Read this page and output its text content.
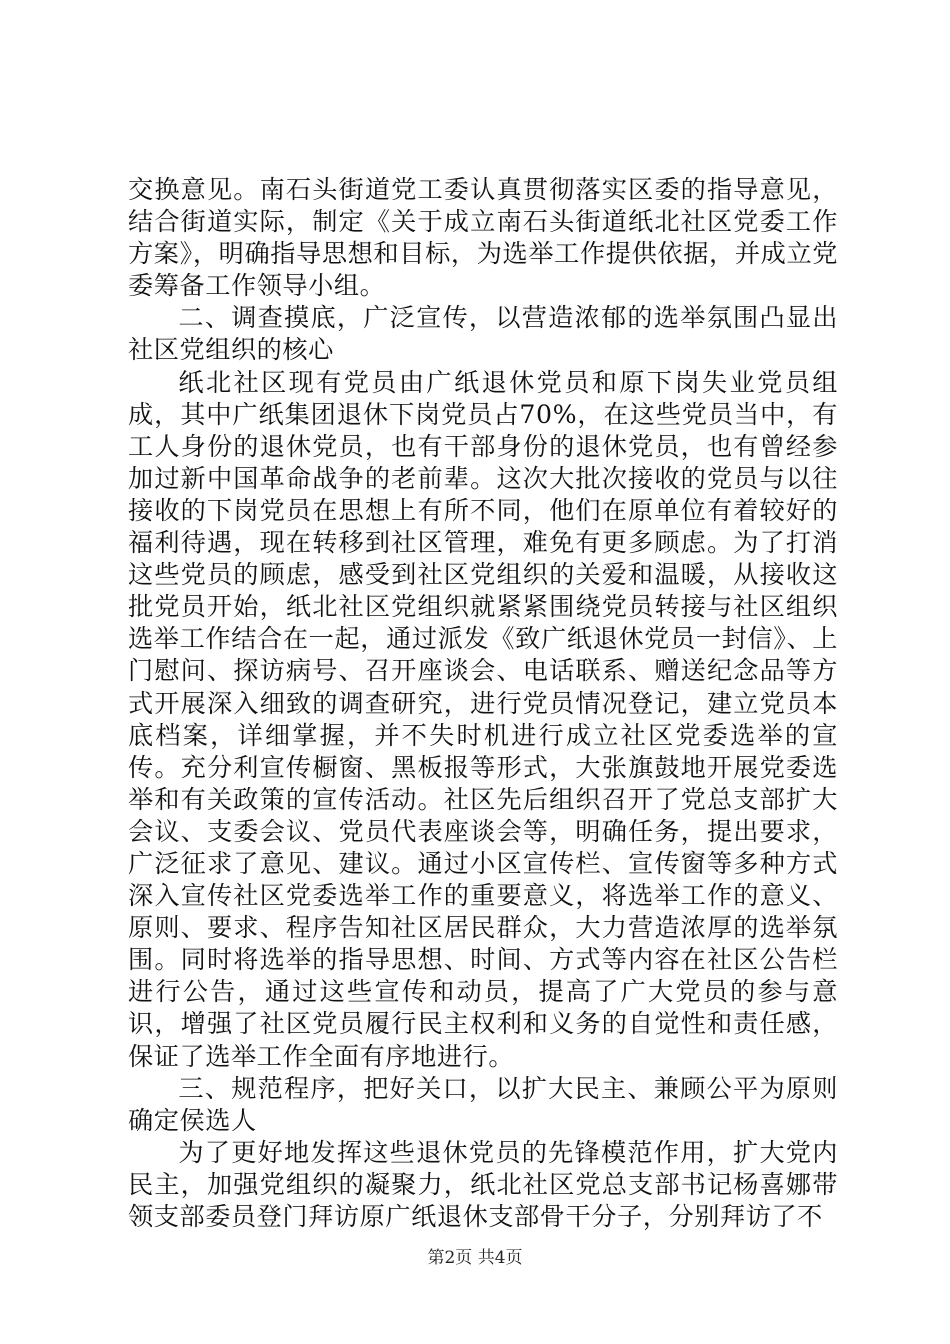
交换意见。南石头街道党工委认真贯彻落实区委的指导意见，结合街道实际，制定《关于成立南石头街道纸北社区党委工作方案》，明确指导思想和目标，为选举工作提供依据，并成立党委筹备工作领导小组。

二、调查摸底，广泛宣传，以营造浓郁的选举氛围凸显出社区党组织的核心

纸北社区现有党员由广纸退休党员和原下岗失业党员组成，其中广纸集团退休下岗党员占70%，在这些党员当中，有工人身份的退休党员，也有干部身份的退休党员，也有曾经参加过新中国革命战争的老前辈。这次大批次接收的党员与以往接收的下岗党员在思想上有所不同，他们在原单位有着较好的福利待遇，现在转移到社区管理，难免有更多顾虑。为了打消这些党员的顾虑，感受到社区党组织的关爱和温暖，从接收这批党员开始，纸北社区党组织就紧紧围绕党员转接与社区组织选举工作结合在一起，通过派发《致广纸退休党员一封信》、上门慰问、探访病号、召开座谈会、电话联系、赠送纪念品等方式开展深入细致的调查研究，进行党员情况登记，建立党员本底档案，详细掌握，并不失时机进行成立社区党委选举的宣传。充分利宣传橱窗、黑板报等形式，大张旗鼓地开展党委选举和有关政策的宣传活动。社区先后组织召开了党总支部扩大会议、支委会议、党员代表座谈会等，明确任务，提出要求，广泛征求了意见、建议。通过小区宣传栏、宣传窗等多种方式深入宣传社区党委选举工作的重要意义，将选举工作的意义、原则、要求、程序告知社区居民群众，大力营造浓厚的选举氛围。同时将选举的指导思想、时间、方式等内容在社区公告栏进行公告，通过这些宣传和动员，提高了广大党员的参与意识，增强了社区党员履行民主权利和义务的自觉性和责任感，保证了选举工作全面有序地进行。

三、规范程序，把好关口，以扩大民主、兼顾公平为原则确定侯选人

为了更好地发挥这些退休党员的先锋模范作用，扩大党内民主，加强党组织的凝聚力，纸北社区党总支部书记杨喜娜带领支部委员登门拜访原广纸退休支部骨干分子，分别拜访了不

第2页 共4页
